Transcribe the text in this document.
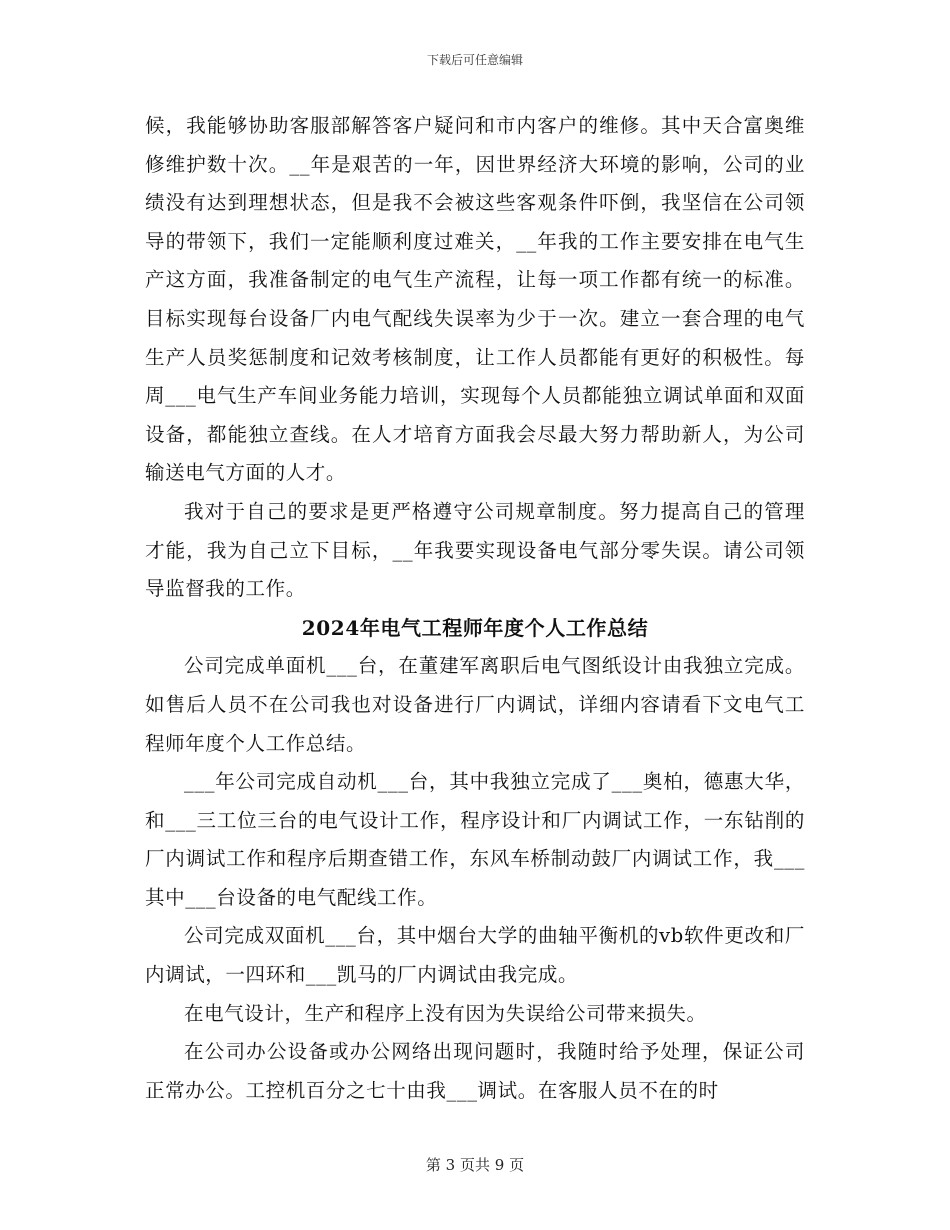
下载后可任意编辑

候，我能够协助客服部解答客户疑问和市内客户的维修。其中天合富奥维修维护数十次。__年是艰苦的一年，因世界经济大环境的影响，公司的业绩没有达到理想状态，但是我不会被这些客观条件吓倒，我坚信在公司领导的带领下，我们一定能顺利度过难关，__年我的工作主要安排在电气生产这方面，我准备制定的电气生产流程，让每一项工作都有统一的标准。目标实现每台设备厂内电气配线失误率为少于一次。建立一套合理的电气生产人员奖惩制度和记效考核制度，让工作人员都能有更好的积极性。每周___电气生产车间业务能力培训，实现每个人员都能独立调试单面和双面设备，都能独立查线。在人才培育方面我会尽最大努力帮助新人，为公司输送电气方面的人才。

我对于自己的要求是更严格遵守公司规章制度。努力提高自己的管理才能，我为自己立下目标，__年我要实现设备电气部分零失误。请公司领导监督我的工作。

2024年电气工程师年度个人工作总结

公司完成单面机___台，在董建军离职后电气图纸设计由我独立完成。如售后人员不在公司我也对设备进行厂内调试，详细内容请看下文电气工程师年度个人工作总结。

___年公司完成自动机___台，其中我独立完成了___奥柏，德惠大华，和___三工位三台的电气设计工作，程序设计和厂内调试工作，一东钻削的厂内调试工作和程序后期查错工作，东风车桥制动鼓厂内调试工作，我___其中___台设备的电气配线工作。

公司完成双面机___台，其中烟台大学的曲轴平衡机的vb软件更改和厂内调试，一四环和___凯马的厂内调试由我完成。

在电气设计，生产和程序上没有因为失误给公司带来损失。

在公司办公设备或办公网络出现问题时，我随时给予处理，保证公司正常办公。工控机百分之七十由我___调试。在客服人员不在的时

第 3 页共 9 页
